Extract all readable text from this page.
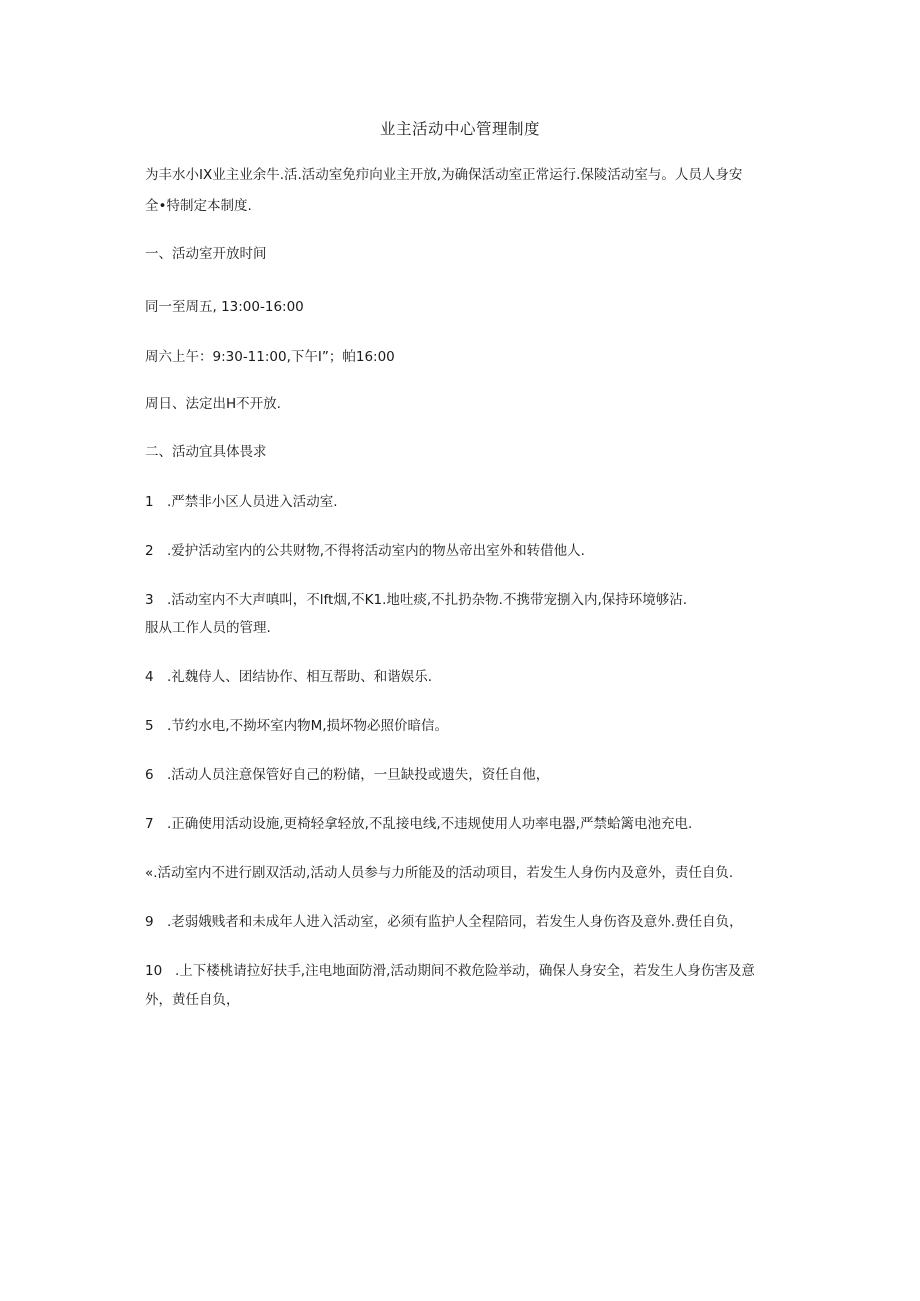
业主活动中心管理制度
为丰水小IX业主业余牛.活.活动室免疖向业主开放,为确保活动室正常运行.保陵活动室与。人员人身安
全•特制定本制度.
一、活动室开放时间
同一至周五, 13:00-16:00
周六上午：9:30-11:00,下午I”；帕16:00
周日、法定出H不开放.
二、活动宜具体畏求
1 .严禁非小区人员进入活动室.
2 .爱护活动室内的公共财物,不得将活动室内的物丛帝出室外和转借他人.
3 .活动室内不大声嗔叫，不lft烟,不K1.地吐痰,不扎扔杂物.不携带宠捌入内,保持环境够沾.
服从工作人员的管理.
4 .礼魏侍人、团结协作、相互帮助、和谐娱乐.
5 .节约水电,不拗坏室内物M,损坏物必照价暗信。
6 .活动人员注意保管好自己的粉储，一旦缺投或遗失，资任自他，
7 .正确使用活动设施,更椅轻拿轻放,不乱接电线,不违规使用人功率电器,严禁蛤篱电池充电.
«.活动室内不进行剧双活动,活动人员参与力所能及的活动项目，若发生人身伤内及意外，责任自负.
9 .老弱娥贱者和未成年人进入活动室，必须有监护人全程陪同，若发生人身伤咨及意外.费任自负，
10 .上下楼桃请拉好扶手,注电地面防滑,活动期间不救危险举动，确保人身安全，若发生人身伤害及意
外，黄任自负，
